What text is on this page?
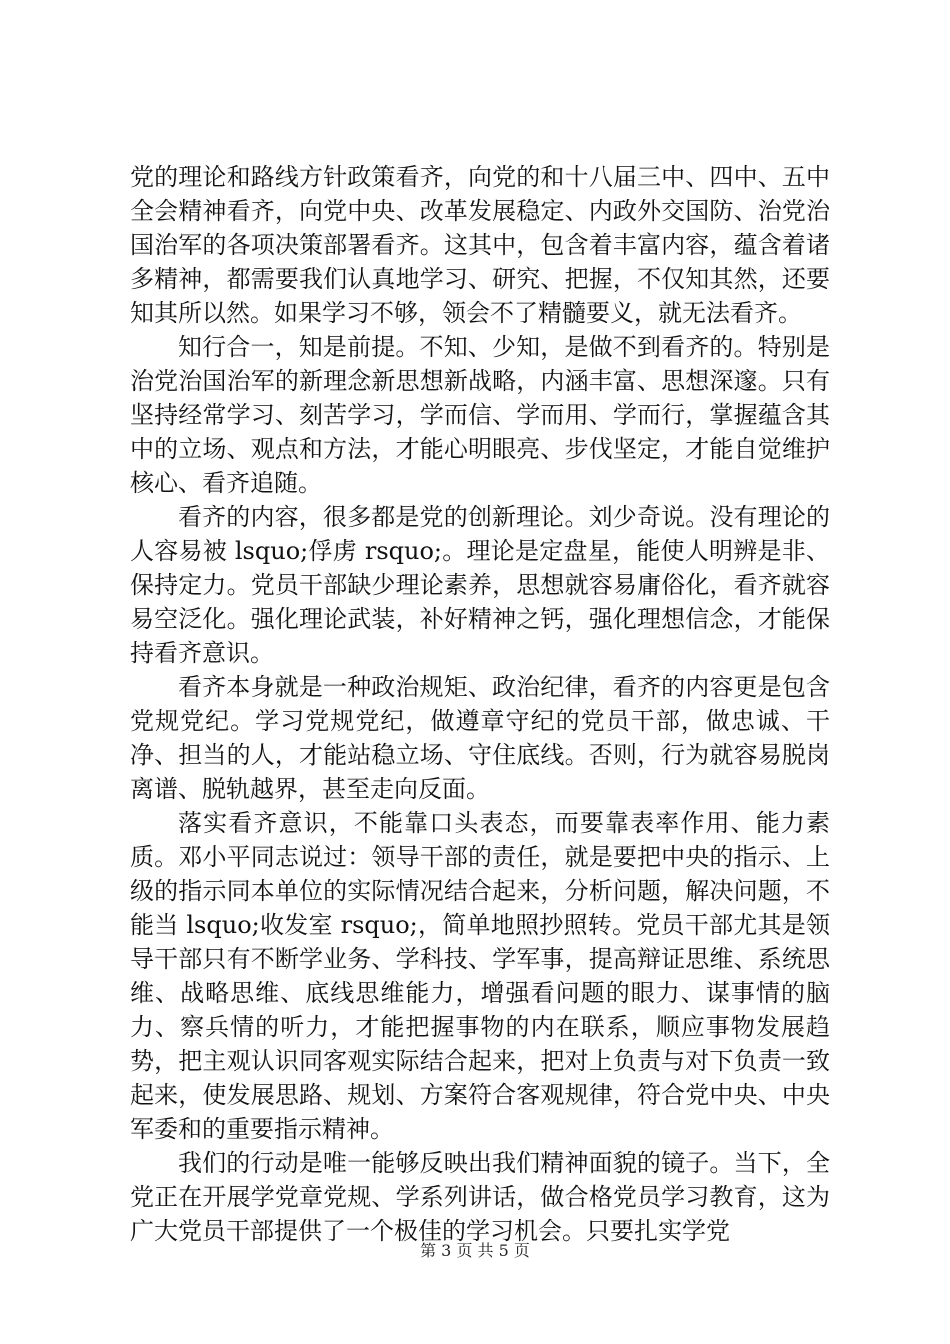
党的理论和路线方针政策看齐，向党的和十八届三中、四中、五中全会精神看齐，向党中央、改革发展稳定、内政外交国防、治党治国治军的各项决策部署看齐。这其中，包含着丰富内容，蕴含着诸多精神，都需要我们认真地学习、研究、把握，不仅知其然，还要知其所以然。如果学习不够，领会不了精髓要义，就无法看齐。

知行合一，知是前提。不知、少知，是做不到看齐的。特别是治党治国治军的新理念新思想新战略，内涵丰富、思想深邃。只有坚持经常学习、刻苦学习，学而信、学而用、学而行，掌握蕴含其中的立场、观点和方法，才能心明眼亮、步伐坚定，才能自觉维护核心、看齐追随。

看齐的内容，很多都是党的创新理论。刘少奇说。没有理论的人容易被 lsquo;俘虏 rsquo;。理论是定盘星，能使人明辨是非、保持定力。党员干部缺少理论素养，思想就容易庸俗化，看齐就容易空泛化。强化理论武装，补好精神之钙，强化理想信念，才能保持看齐意识。

看齐本身就是一种政治规矩、政治纪律，看齐的内容更是包含党规党纪。学习党规党纪，做遵章守纪的党员干部，做忠诚、干净、担当的人，才能站稳立场、守住底线。否则，行为就容易脱岗离谱、脱轨越界，甚至走向反面。

落实看齐意识，不能靠口头表态，而要靠表率作用、能力素质。邓小平同志说过：领导干部的责任，就是要把中央的指示、上级的指示同本单位的实际情况结合起来，分析问题，解决问题，不能当 lsquo;收发室 rsquo;，简单地照抄照转。党员干部尤其是领导干部只有不断学业务、学科技、学军事，提高辩证思维、系统思维、战略思维、底线思维能力，增强看问题的眼力、谋事情的脑力、察兵情的听力，才能把握事物的内在联系，顺应事物发展趋势，把主观认识同客观实际结合起来，把对上负责与对下负责一致起来，使发展思路、规划、方案符合客观规律，符合党中央、中央军委和的重要指示精神。

我们的行动是唯一能够反映出我们精神面貌的镜子。当下，全党正在开展学党章党规、学系列讲话，做合格党员学习教育，这为广大党员干部提供了一个极佳的学习机会。只要扎实学党

第 3 页 共 5 页
